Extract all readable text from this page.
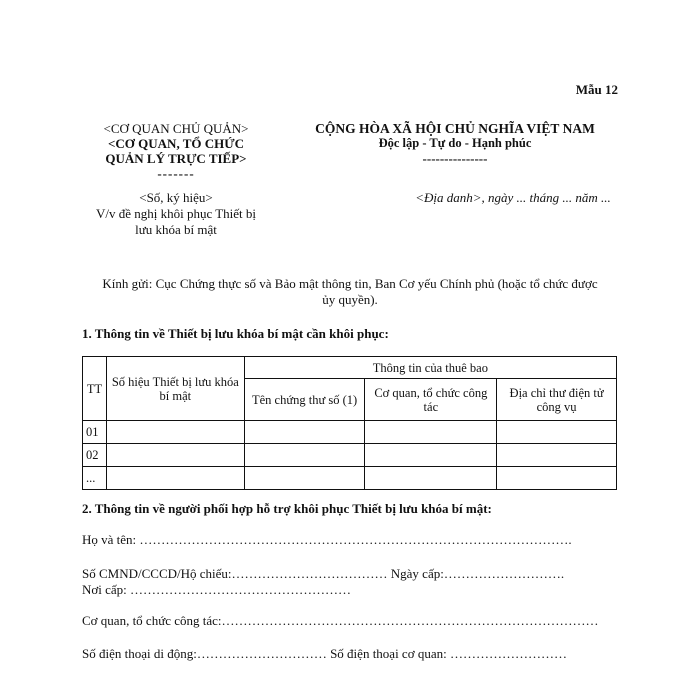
Mẫu 12
<CƠ QUAN CHỦ QUẢN>
<CƠ QUAN, TỔ CHỨC
QUẢN LÝ TRỰC TIẾP>
-------
CỘNG HÒA XÃ HỘI CHỦ NGHĨA VIỆT NAM
Độc lập - Tự do - Hạnh phúc
---------------
<Số, ký hiệu>
V/v đề nghị khôi phục Thiết bị
lưu khóa bí mật
<Địa danh>, ngày ... tháng ... năm ...
Kính gửi: Cục Chứng thực số và Bảo mật thông tin, Ban Cơ yếu Chính phủ (hoặc tổ chức được
ủy quyền).
1. Thông tin về Thiết bị lưu khóa bí mật cần khôi phục:
TT	Số hiệu Thiết bị lưu khóa bí mật	Thông tin của thuê bao		
		Tên chứng thư số (1)	Cơ quan, tổ chức công tác	Địa chỉ thư điện tử công vụ
01				
02				
...				
2. Thông tin về người phối hợp hỗ trợ khôi phục Thiết bị lưu khóa bí mật:
Họ và tên: ……………………………………………………………………………………….
Số CMND/CCCD/Hộ chiếu:……………………………… Ngày cấp:……………………….
Nơi cấp: ……………………………………………
Cơ quan, tổ chức công tác:……………………………………………………………………………
Số điện thoại di động:………………………… Số điện thoại cơ quan: ………………………
